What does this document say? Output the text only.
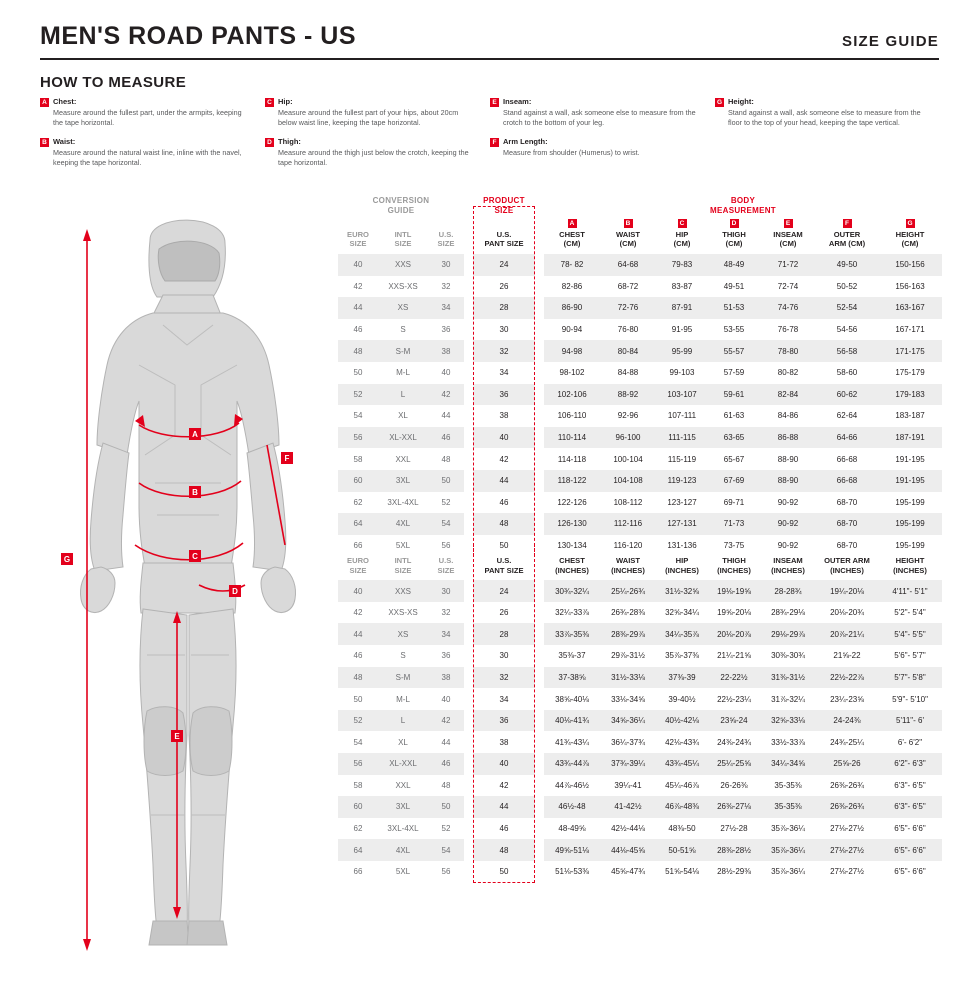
MEN'S ROAD PANTS - US	SIZE GUIDE
HOW TO MEASURE
A Chest:
Measure around the fullest part, under the armpits, keeping the tape horizontal.
B Waist:
Measure around the natural waist line, inline with the navel, keeping the tape horizontal.
C Hip:
Measure around the fullest part of your hips, about 20cm below waist line, keeping the tape horizontal.
D Thigh:
Measure around the thigh just below the crotch, keeping the tape horizontal.
E Inseam:
Stand against a wall, ask someone else to measure from the crotch to the bottom of your leg.
F Arm Length:
Measure from shoulder (Humerus) to wrist.
G Height:
Stand against a wall, ask someone else to measure from the floor to the top of your head, keeping the tape vertical.
A
B
C
D
E
F
G
CONVERSION
GUIDE

PRODUCT
SIZE

BODY
MEASUREMENT

EURO
SIZE

INTL
SIZE

U.S.
SIZE

U.S.
PANT SIZE

A
CHEST
(CM)

B
WAIST
(CM)

C
HIP
(CM)

D
THIGH
(CM)

E
INSEAM
(CM)

F
OUTER
ARM (CM)

G
HEIGHT
(CM)

40	XXS	30		24		78- 82	64-68	79-83	48-49	71-72	49-50	150-156
42	XXS-XS	32		26		82-86	68-72	83-87	49-51	72-74	50-52	156-163
44	XS	34		28		86-90	72-76	87-91	51-53	74-76	52-54	163-167
46	S	36		30		90-94	76-80	91-95	53-55	76-78	54-56	167-171
48	S-M	38		32		94-98	80-84	95-99	55-57	78-80	56-58	171-175
50	M-L	40		34		98-102	84-88	99-103	57-59	80-82	58-60	175-179
52	L	42		36		102-106	88-92	103-107	59-61	82-84	60-62	179-183
54	XL	44		38		106-110	92-96	107-111	61-63	84-86	62-64	183-187
56	XL-XXL	46		40		110-114	96-100	111-115	63-65	86-88	64-66	187-191
58	XXL	48		42		114-118	100-104	115-119	65-67	88-90	66-68	191-195
60	3XL	50		44		118-122	104-108	119-123	67-69	88-90	66-68	191-195
62	3XL-4XL	52		46		122-126	108-112	123-127	69-71	90-92	68-70	195-199
64	4XL	54		48		126-130	112-116	127-131	71-73	90-92	68-70	195-199
66	5XL	56		50		130-134	116-120	131-136	73-75	90-92	68-70	195-199

EURO
SIZE

INTL
SIZE

U.S.
SIZE

U.S.
PANT SIZE

CHEST
(INCHES)

WAIST
(INCHES)

HIP
(INCHES)

THIGH
(INCHES)

INSEAM
(INCHES)

OUTER ARM
(INCHES)

HEIGHT
(INCHES)

40	XXS	30		24		30¾-32¼	25¼-26¾	31½-32⅝	19⅛-19⅝	28-28¾	19¼-20⅛	4'11"- 5'1"
42	XXS-XS	32		26		32¼-33⅞	26¾-28⅜	32⅝-34¼	19⅝-20⅛	28¾-29⅛	20⅛-20¾	5'2"- 5'4"
44	XS	34		28		33⅞-35⅜	28⅜-29⅞	34¼-35⅞	20⅛-20⅞	29⅛-29⅞	20⅞-21¼	5'4"- 5'5"
46	S	36		30		35⅜-37	29⅞-31½	35⅞-37⅜	21¼-21⅝	30⅜-30¾	21⅝-22	5'6"- 5'7"
48	S-M	38		32		37-38⅝	31½-33⅛	37⅜-39	22-22½	31⅜-31½	22½-22⅞	5'7"- 5'8"
50	M-L	40		34		38⅝-40⅛	33⅛-34⅝	39-40½	22½-23¼	31⅞-32¼	23¼-23⅝	5'9"- 5'10"
52	L	42		36		40⅛-41¾	34⅝-36¼	40½-42⅛	23⅝-24	32⅝-33⅛	24-24⅜	5'11"- 6'
54	XL	44		38		41¾-43¼	36¼-37¾	42⅛-43¾	24⅜-24¾	33½-33⅞	24¾-25¼	6'- 6'2"
56	XL-XXL	46		40		43¾-44⅞	37¾-39¼	43¾-45¼	25¼-25⅝	34¼-34⅝	25⅝-26	6'2"- 6'3"
58	XXL	48		42		44⅞-46½	39¼-41	45¼-46⅞	26-26⅜	35-35⅜	26⅜-26¾	6'3"- 6'5"
60	3XL	50		44		46½-48	41-42½	46⅞-48⅜	26⅜-27⅛	35-35⅜	26⅜-26¾	6'3"- 6'5"
62	3XL-4XL	52		46		48-49⅝	42½-44⅛	48⅜-50	27½-28	35⅞-36¼	27⅛-27½	6'5"- 6'6"
64	4XL	54		48		49⅝-51⅛	44⅛-45⅝	50-51⅝	28⅜-28½	35⅞-36¼	27⅛-27½	6'5"- 6'6"
66	5XL	56		50		51⅛-53⅜	45⅝-47¾	51⅝-54⅛	28½-29⅜	35⅞-36¼	27⅛-27½	6'5"- 6'6"
